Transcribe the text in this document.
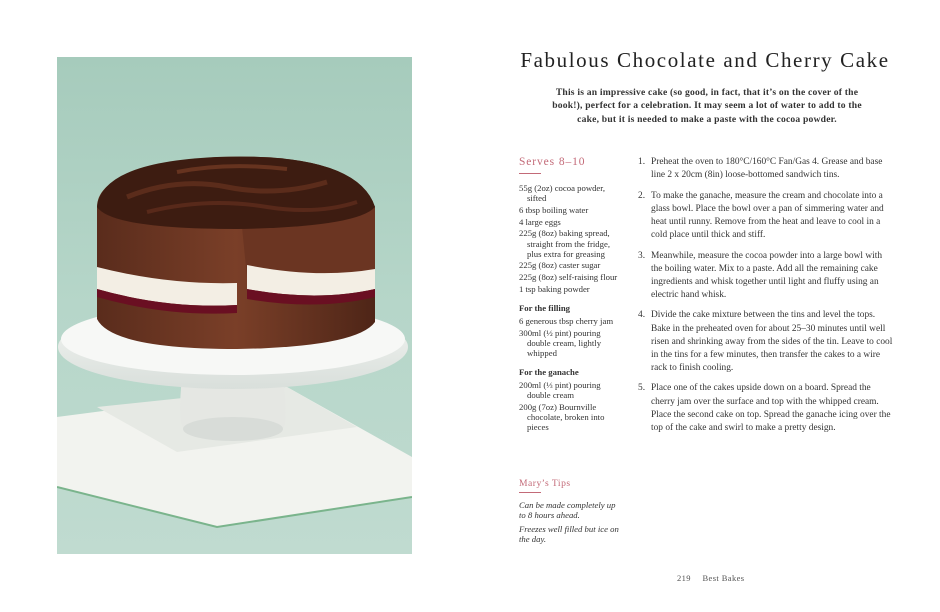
Fabulous Chocolate and Cherry Cake

This is an impressive cake (so good, in fact, that it’s on the cover of the book!), perfect for a celebration. It may seem a lot of water to add to the cake, but it is needed to make a paste with the cocoa powder.

Serves 8–10

55g (2oz) cocoa powder, sifted

6 tbsp boiling water

4 large eggs

225g (8oz) baking spread, straight from the fridge, plus extra for greasing

225g (8oz) caster sugar

225g (8oz) self-raising flour

1 tsp baking powder

For the filling

6 generous tbsp cherry jam

300ml (½ pint) pouring double cream, lightly whipped

For the ganache

200ml (⅓ pint) pouring double cream

200g (7oz) Bournville chocolate, broken into pieces

Mary’s Tips

Can be made completely up to 8 hours ahead.

Freezes well filled but ice on the day.

1. Preheat the oven to 180°C/160°C Fan/Gas 4. Grease and base line 2 x 20cm (8in) loose-bottomed sandwich tins.
2. To make the ganache, measure the cream and chocolate into a glass bowl. Place the bowl over a pan of simmering water and heat until runny. Remove from the heat and leave to cool in a cold place until thick and stiff.
3. Meanwhile, measure the cocoa powder into a large bowl with the boiling water. Mix to a paste. Add all the remaining cake ingredients and whisk together until light and fluffy using an electric hand whisk.
4. Divide the cake mixture between the tins and level the tops. Bake in the preheated oven for about 25–30 minutes until well risen and shrinking away from the sides of the tin. Leave to cool in the tins for a few minutes, then transfer the cakes to a wire rack to finish cooling.
5. Place one of the cakes upside down on a board. Spread the cherry jam over the surface and top with the whipped cream. Place the second cake on top. Spread the ganache icing over the top of the cake and swirl to make a pretty design.
219 Best Bakes
